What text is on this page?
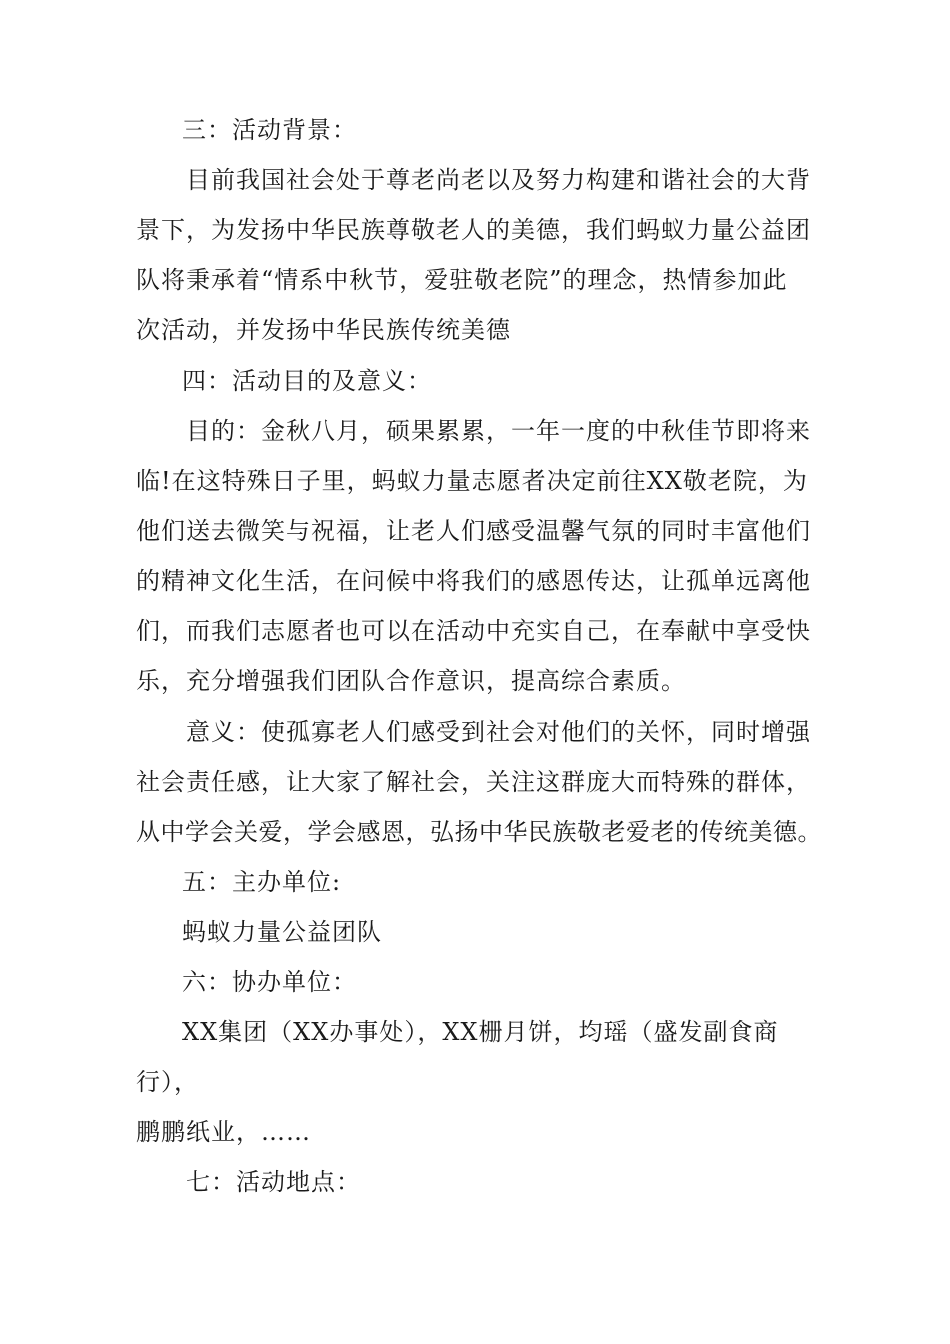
三：活动背景：
目前我国社会处于尊老尚老以及努力构建和谐社会的大背
景下，为发扬中华民族尊敬老人的美德，我们蚂蚁力量公益团
队将秉承着“情系中秋节，爱驻敬老院”的理念，热情参加此
次活动，并发扬中华民族传统美德
四：活动目的及意义：
目的：金秋八月，硕果累累，一年一度的中秋佳节即将来
临!在这特殊日子里，蚂蚁力量志愿者决定前往XX敬老院，为
他们送去微笑与祝福，让老人们感受温馨气氛的同时丰富他们
的精神文化生活，在问候中将我们的感恩传达，让孤单远离他
们，而我们志愿者也可以在活动中充实自己，在奉献中享受快
乐，充分增强我们团队合作意识，提高综合素质。
意义：使孤寡老人们感受到社会对他们的关怀，同时增强
社会责任感，让大家了解社会，关注这群庞大而特殊的群体，
从中学会关爱，学会感恩，弘扬中华民族敬老爱老的传统美德。
五：主办单位:
蚂蚁力量公益团队
六：协办单位：
XX集团（XX办事处），XX栅月饼，均瑶（盛发副食商
行），
鹏鹏纸业，……
七：活动地点：
